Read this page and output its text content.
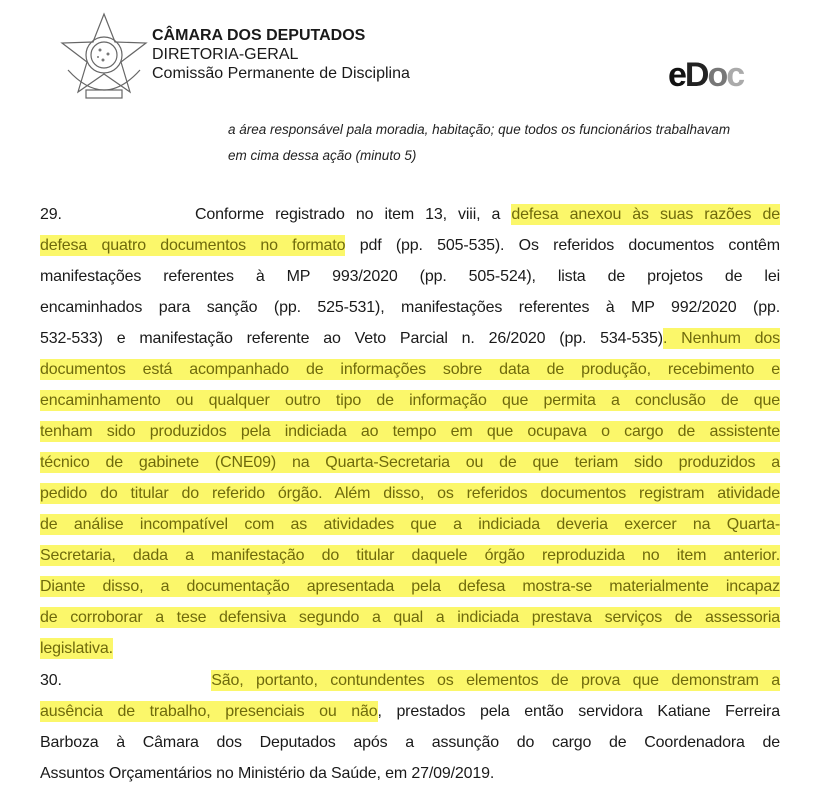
CÂMARA DOS DEPUTADOS
DIRETORIA-GERAL
Comissão Permanente de Disciplina	eDoc
a área responsável pala moradia, habitação; que todos os funcionários trabalhavam
em cima dessa ação (minuto 5)
29.            Conforme registrado no item 13, viii, a defesa anexou às suas razões de
defesa quatro documentos no formato pdf (pp. 505-535). Os referidos documentos contêm
manifestações referentes à MP 993/2020 (pp. 505-524), lista de projetos de lei
encaminhados para sanção (pp. 525-531), manifestações referentes à MP 992/2020 (pp.
532-533) e manifestação referente ao Veto Parcial n. 26/2020 (pp. 534-535). Nenhum dos
documentos está acompanhado de informações sobre data de produção, recebimento e
encaminhamento ou qualquer outro tipo de informação que permita a conclusão de que
tenham sido produzidos pela indiciada ao tempo em que ocupava o cargo de assistente
técnico de gabinete (CNE09) na Quarta-Secretaria ou de que teriam sido produzidos a
pedido do titular do referido órgão. Além disso, os referidos documentos registram atividade
de análise incompatível com as atividades que a indiciada deveria exercer na Quarta-
Secretaria, dada a manifestação do titular daquele órgão reproduzida no item anterior.
Diante disso, a documentação apresentada pela defesa mostra-se materialmente incapaz
de corroborar a tese defensiva segundo a qual a indiciada prestava serviços de assessoria
legislativa.
30.            São, portanto, contundentes os elementos de prova que demonstram a
ausência de trabalho, presenciais ou não, prestados pela então servidora Katiane Ferreira
Barboza à Câmara dos Deputados após a assunção do cargo de Coordenadora de
Assuntos Orçamentários no Ministério da Saúde, em 27/09/2019.
